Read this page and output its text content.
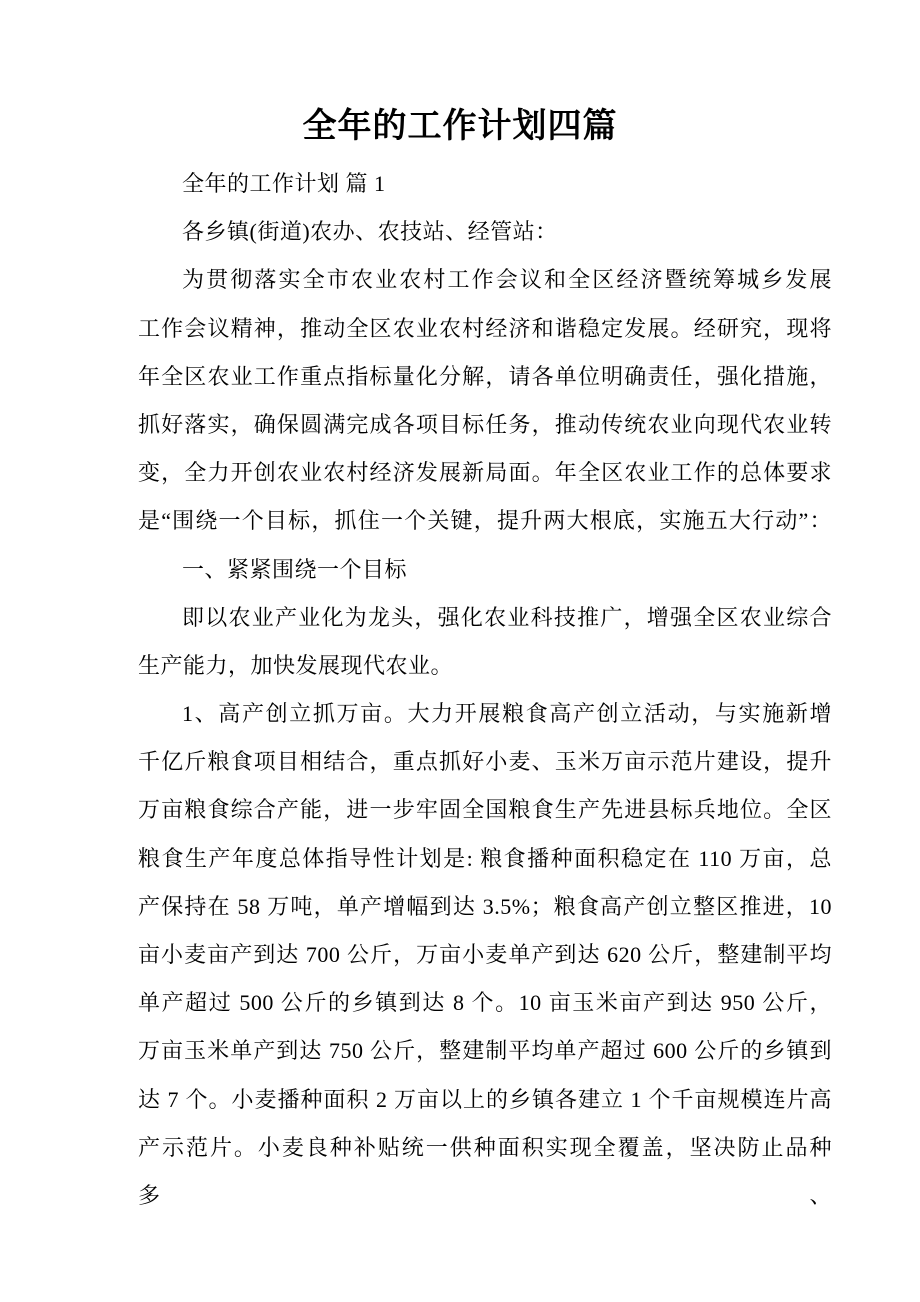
全年的工作计划四篇
全年的工作计划 篇 1
各乡镇(街道)农办、农技站、经管站：
为贯彻落实全市农业农村工作会议和全区经济暨统筹城乡发展
工作会议精神，推动全区农业农村经济和谐稳定发展。经研究，现将
年全区农业工作重点指标量化分解，请各单位明确责任，强化措施，
抓好落实，确保圆满完成各项目标任务，推动传统农业向现代农业转
变，全力开创农业农村经济发展新局面。年全区农业工作的总体要求
是“围绕一个目标，抓住一个关键，提升两大根底，实施五大行动”：
一、紧紧围绕一个目标
即以农业产业化为龙头，强化农业科技推广，增强全区农业综合
生产能力，加快发展现代农业。
1、高产创立抓万亩。大力开展粮食高产创立活动，与实施新增
千亿斤粮食项目相结合，重点抓好小麦、玉米万亩示范片建设，提升
万亩粮食综合产能，进一步牢固全国粮食生产先进县标兵地位。全区
粮食生产年度总体指导性计划是: 粮食播种面积稳定在 110 万亩，总
产保持在 58 万吨，单产增幅到达 3.5%；粮食高产创立整区推进，10
亩小麦亩产到达 700 公斤，万亩小麦单产到达 620 公斤，整建制平均
单产超过 500 公斤的乡镇到达 8 个。10 亩玉米亩产到达 950 公斤，
万亩玉米单产到达 750 公斤，整建制平均单产超过 600 公斤的乡镇到
达 7 个。小麦播种面积 2 万亩以上的乡镇各建立 1 个千亩规模连片高
产示范片。小麦良种补贴统一供种面积实现全覆盖，坚决防止品种多、
